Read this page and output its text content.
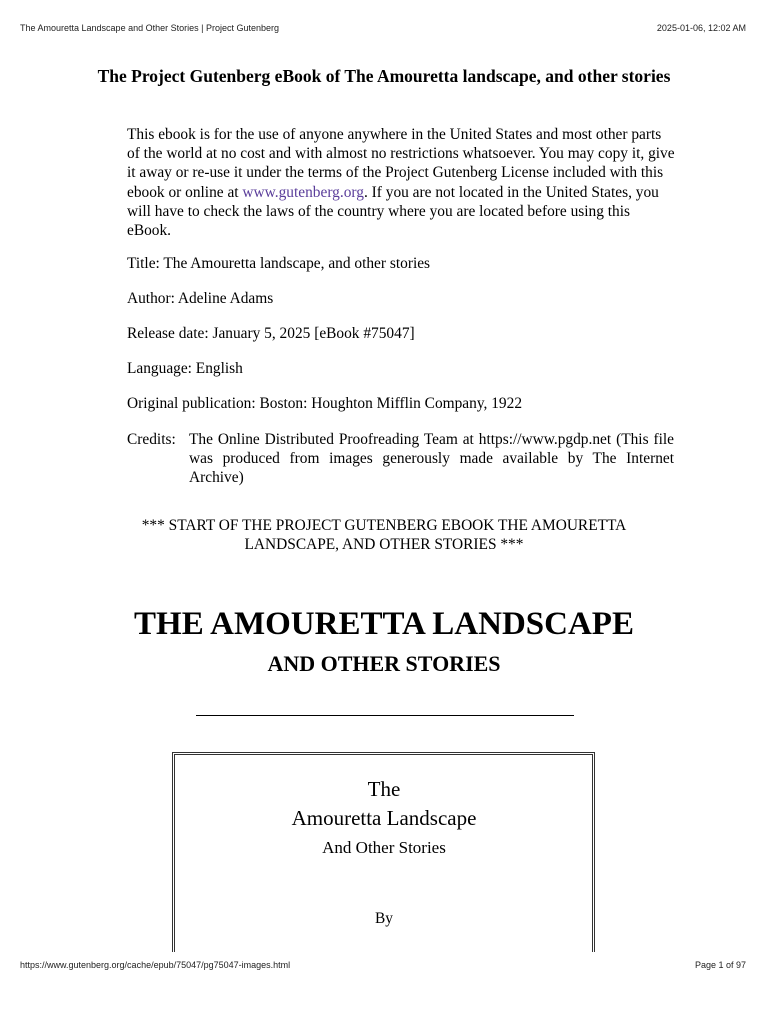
The Amouretta Landscape and Other Stories | Project Gutenberg	2025-01-06, 12:02 AM
The Project Gutenberg eBook of The Amouretta landscape, and other stories
This ebook is for the use of anyone anywhere in the United States and most other parts of the world at no cost and with almost no restrictions whatsoever. You may copy it, give it away or re-use it under the terms of the Project Gutenberg License included with this ebook or online at www.gutenberg.org. If you are not located in the United States, you will have to check the laws of the country where you are located before using this eBook.
Title: The Amouretta landscape, and other stories
Author: Adeline Adams
Release date: January 5, 2025 [eBook #75047]
Language: English
Original publication: Boston: Houghton Mifflin Company, 1922
Credits: The Online Distributed Proofreading Team at https://www.pgdp.net (This file was produced from images generously made available by The Internet Archive)
*** START OF THE PROJECT GUTENBERG EBOOK THE AMOURETTA LANDSCAPE, AND OTHER STORIES ***
THE AMOURETTA LANDSCAPE
AND OTHER STORIES
The
Amouretta Landscape
And Other Stories
By
https://www.gutenberg.org/cache/epub/75047/pg75047-images.html	Page 1 of 97
